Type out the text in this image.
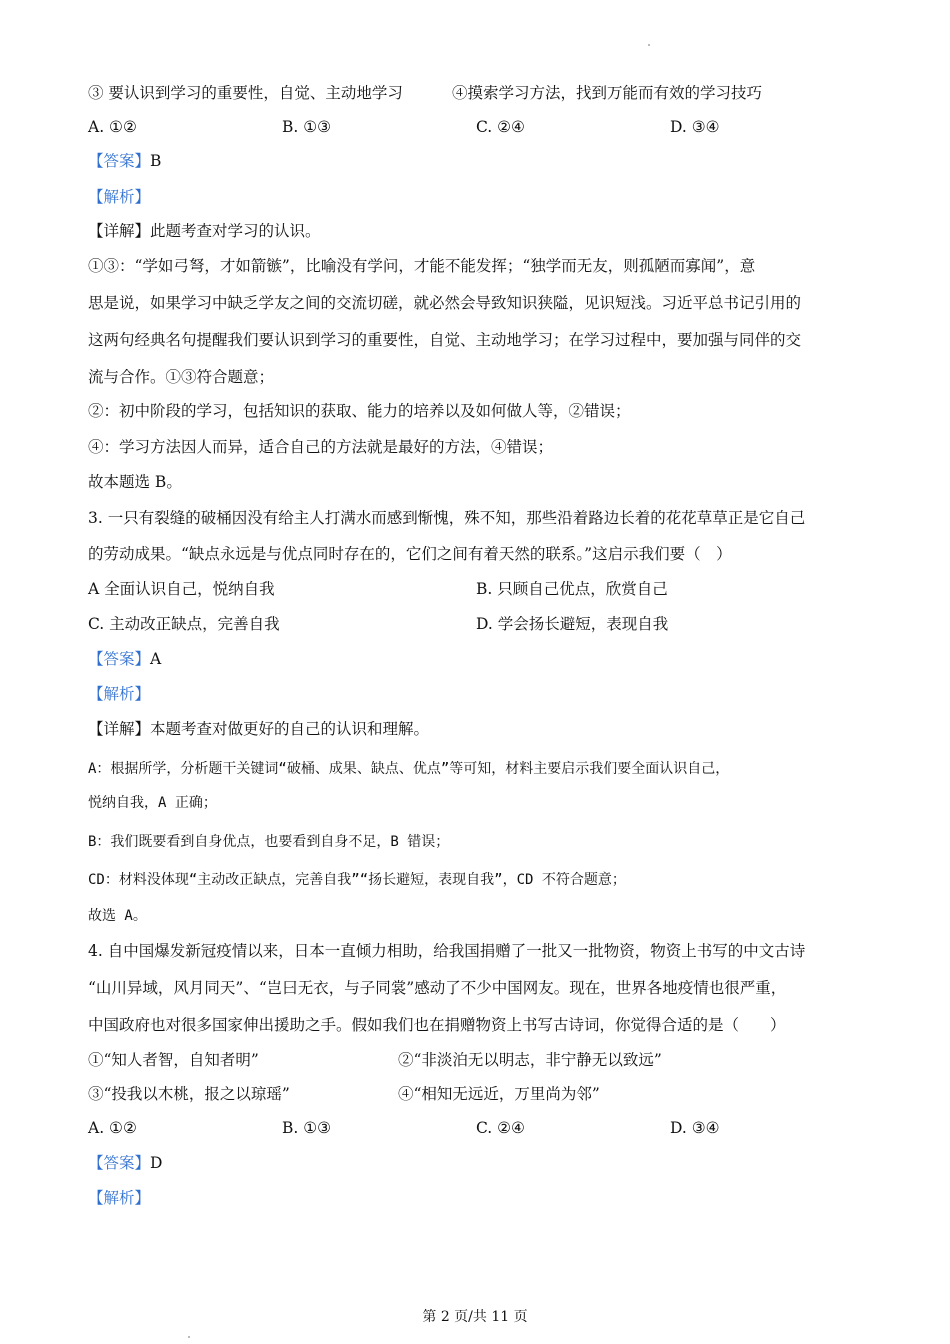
③ 要认识到学习的重要性，自觉、主动地学习	④摸索学习方法，找到万能而有效的学习技巧
A. ①②	B. ①③	C. ②④	D. ③④
【答案】B
【解析】
【详解】此题考查对学习的认识。
①③：“学如弓弩，才如箭镞”，比喻没有学问，才能不能发挥；“独学而无友，则孤陋而寡闻”，意
思是说，如果学习中缺乏学友之间的交流切磋，就必然会导致知识狭隘，见识短浅。习近平总书记引用的
这两句经典名句提醒我们要认识到学习的重要性，自觉、主动地学习；在学习过程中，要加强与同伴的交
流与合作。①③符合题意；
②：初中阶段的学习，包括知识的获取、能力的培养以及如何做人等，②错误；
④：学习方法因人而异，适合自己的方法就是最好的方法，④错误；
故本题选 B。
3. 一只有裂缝的破桶因没有给主人打满水而感到惭愧，殊不知，那些沿着路边长着的花花草草正是它自己
的劳动成果。“缺点永远是与优点同时存在的，它们之间有着天然的联系。”这启示我们要（　）
A 全面认识自己，悦纳自我	B. 只顾自己优点，欣赏自己
C. 主动改正缺点，完善自我	D. 学会扬长避短，表现自我
【答案】A
【解析】
【详解】本题考查对做更好的自己的认识和理解。
A：根据所学，分析题干关键词“破桶、成果、缺点、优点”等可知，材料主要启示我们要全面认识自己，
悦纳自我，A 正确；
B：我们既要看到自身优点，也要看到自身不足，B 错误；
CD：材料没体现“主动改正缺点，完善自我”“扬长避短，表现自我”，CD 不符合题意；
故选 A。
4. 自中国爆发新冠疫情以来，日本一直倾力相助，给我国捐赠了一批又一批物资，物资上书写的中文古诗
“山川异域，风月同天”、“岂曰无衣，与子同裳”感动了不少中国网友。现在，世界各地疫情也很严重，
中国政府也对很多国家伸出援助之手。假如我们也在捐赠物资上书写古诗词，你觉得合适的是（　　）
①“知人者智，自知者明”	②“非淡泊无以明志，非宁静无以致远”
③“投我以木桃，报之以琼瑶”	④“相知无远近，万里尚为邻”
A. ①②	B. ①③	C. ②④	D. ③④
【答案】D
【解析】
第 2 页/共 11 页
